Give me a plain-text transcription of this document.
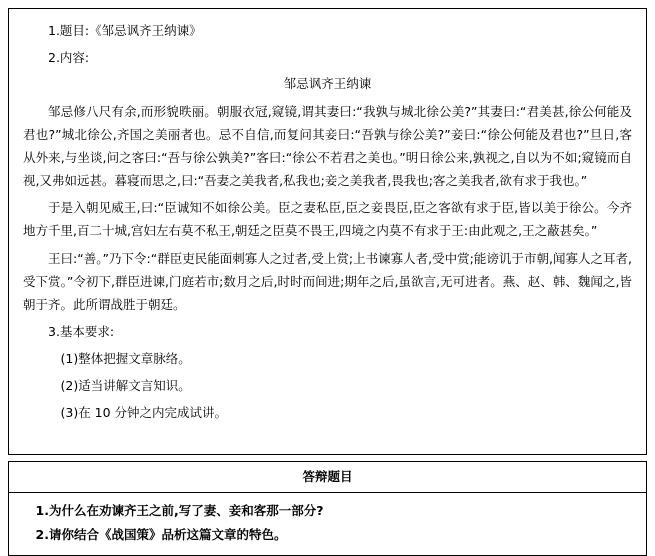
1.题目:《邹忌讽齐王纳谏》

2.内容:

邹忌讽齐王纳谏

邹忌修八尺有余,而形貌昳丽。朝服衣冠,窥镜,谓其妻曰:“我孰与城北徐公美?”其妻曰:“君美甚,徐公何能及君也?”城北徐公,齐国之美丽者也。忌不自信,而复问其妾曰:“吾孰与徐公美?”妾曰:“徐公何能及君也?”旦日,客从外来,与坐谈,问之客曰:“吾与徐公孰美?”客曰:“徐公不若君之美也。”明日徐公来,孰视之,自以为不如;窥镜而自视,又弗如远甚。暮寝而思之,曰:“吾妻之美我者,私我也;妾之美我者,畏我也;客之美我者,欲有求于我也。”

于是入朝见威王,曰:“臣诚知不如徐公美。臣之妻私臣,臣之妾畏臣,臣之客欲有求于臣,皆以美于徐公。今齐地方千里,百二十城,宫妇左右莫不私王,朝廷之臣莫不畏王,四境之内莫不有求于王:由此观之,王之蔽甚矣。”

王曰:“善。”乃下令:“群臣吏民能面刺寡人之过者,受上赏;上书谏寡人者,受中赏;能谤讥于市朝,闻寡人之耳者,受下赏。”令初下,群臣进谏,门庭若市;数月之后,时时而间进;期年之后,虽欲言,无可进者。燕、赵、韩、魏闻之,皆朝于齐。此所谓战胜于朝廷。

3.基本要求:

(1)整体把握文章脉络。

(2)适当讲解文言知识。

(3)在 10 分钟之内完成试讲。

答辩题目

1.为什么在劝谏齐王之前,写了妻、妾和客那一部分?

2.请你结合《战国策》品析这篇文章的特色。
